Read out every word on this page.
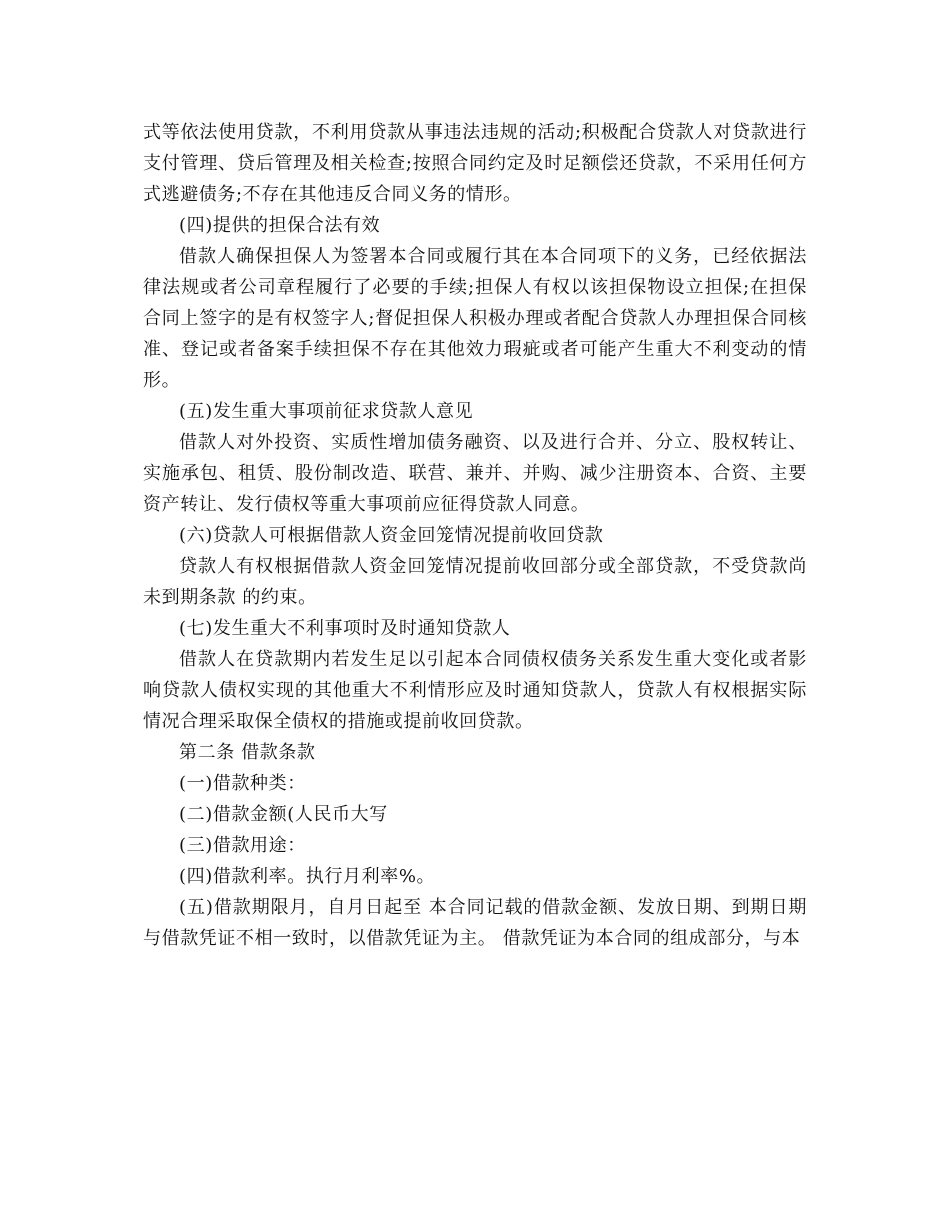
式等依法使用贷款，不利用贷款从事违法违规的活动;积极配合贷款人对贷款进行支付管理、贷后管理及相关检查;按照合同约定及时足额偿还贷款，不采用任何方式逃避债务;不存在其他违反合同义务的情形。

(四)提供的担保合法有效

借款人确保担保人为签署本合同或履行其在本合同项下的义务，已经依据法律法规或者公司章程履行了必要的手续;担保人有权以该担保物设立担保;在担保合同上签字的是有权签字人;督促担保人积极办理或者配合贷款人办理担保合同核准、登记或者备案手续担保不存在其他效力瑕疵或者可能产生重大不利变动的情形。

(五)发生重大事项前征求贷款人意见

借款人对外投资、实质性增加债务融资、以及进行合并、分立、股权转让、实施承包、租赁、股份制改造、联营、兼并、并购、减少注册资本、合资、主要资产转让、发行债权等重大事项前应征得贷款人同意。

(六)贷款人可根据借款人资金回笼情况提前收回贷款

贷款人有权根据借款人资金回笼情况提前收回部分或全部贷款，不受贷款尚未到期条款 的约束。

(七)发生重大不利事项时及时通知贷款人

借款人在贷款期内若发生足以引起本合同债权债务关系发生重大变化或者影响贷款人债权实现的其他重大不利情形应及时通知贷款人，贷款人有权根据实际情况合理采取保全债权的措施或提前收回贷款。

第二条 借款条款

(一)借款种类：

(二)借款金额(人民币大写

(三)借款用途：

(四)借款利率。执行月利率%。

(五)借款期限月，自月日起至 本合同记载的借款金额、发放日期、到期日期与借款凭证不相一致时，以借款凭证为主。 借款凭证为本合同的组成部分，与本
